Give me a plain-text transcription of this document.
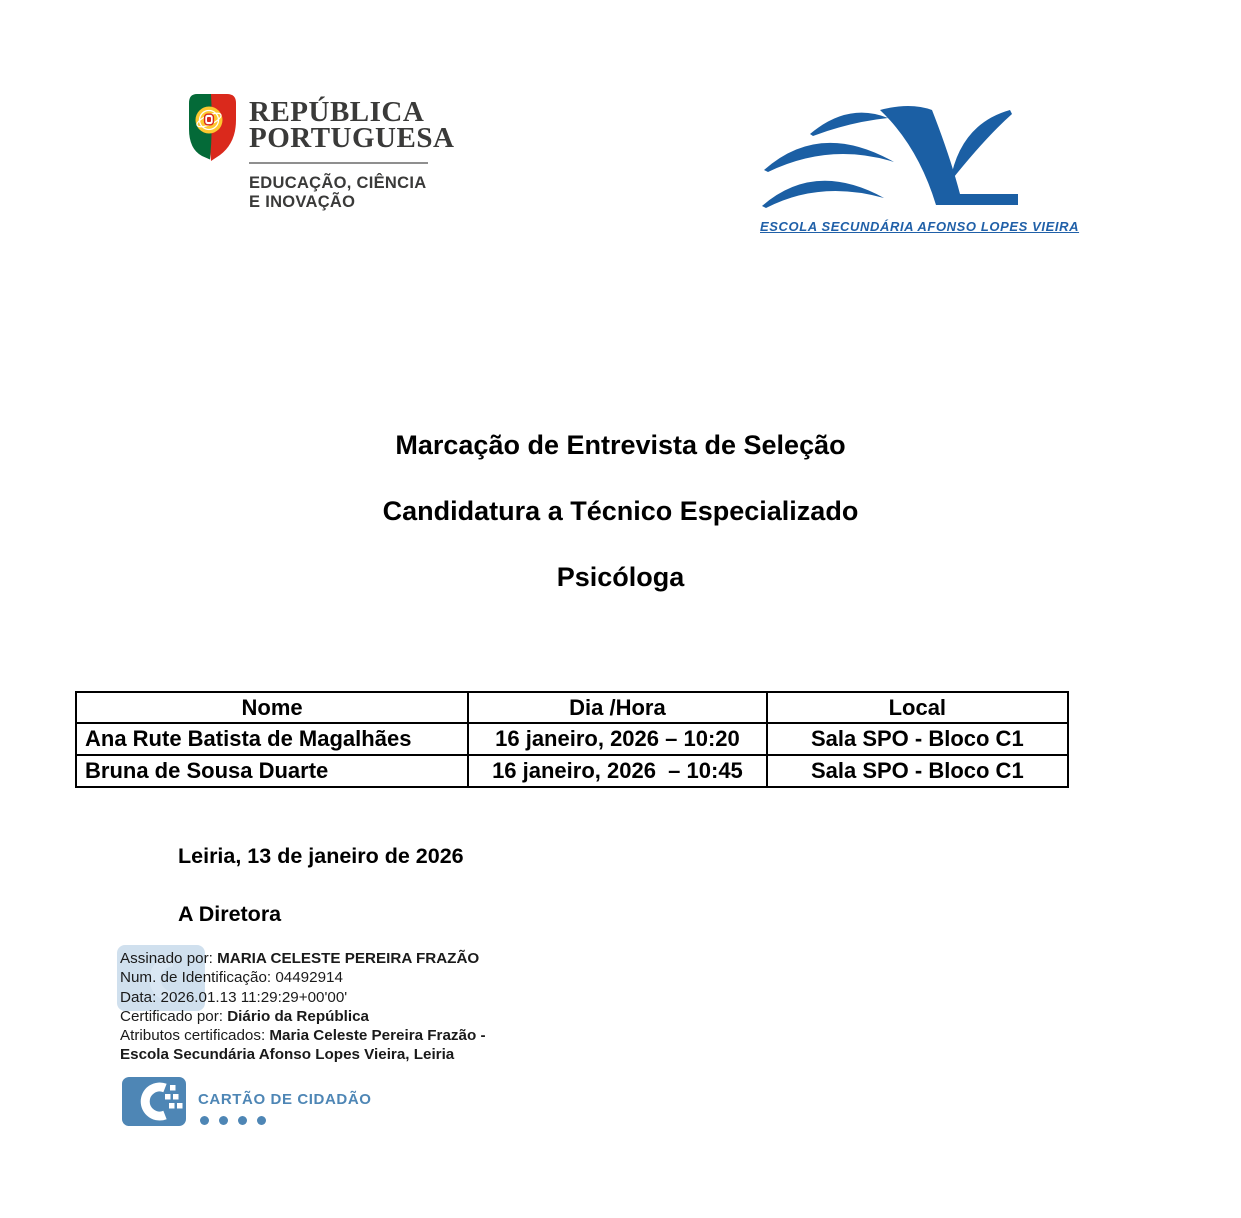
REPÚBLICA
PORTUGUESA
EDUCAÇÃO, CIÊNCIA
E INOVAÇÃO
ESCOLA SECUNDÁRIA AFONSO LOPES VIEIRA
Marcação de Entrevista de Seleção
Candidatura a Técnico Especializado
Psicóloga
Nome	Dia /Hora	Local
Ana Rute Batista de Magalhães	16 janeiro, 2026 – 10:20	Sala SPO - Bloco C1
Bruna de Sousa Duarte	16 janeiro, 2026  – 10:45	Sala SPO - Bloco C1
Leiria, 13 de janeiro de 2026
A Diretora
Assinado por: MARIA CELESTE PEREIRA FRAZÃO
Num. de Identificação: 04492914
Data: 2026.01.13 11:29:29+00'00'
Certificado por: Diário da República
Atributos certificados: Maria Celeste Pereira Frazão -
Escola Secundária Afonso Lopes Vieira, Leiria
CARTÃO DE CIDADÃO
